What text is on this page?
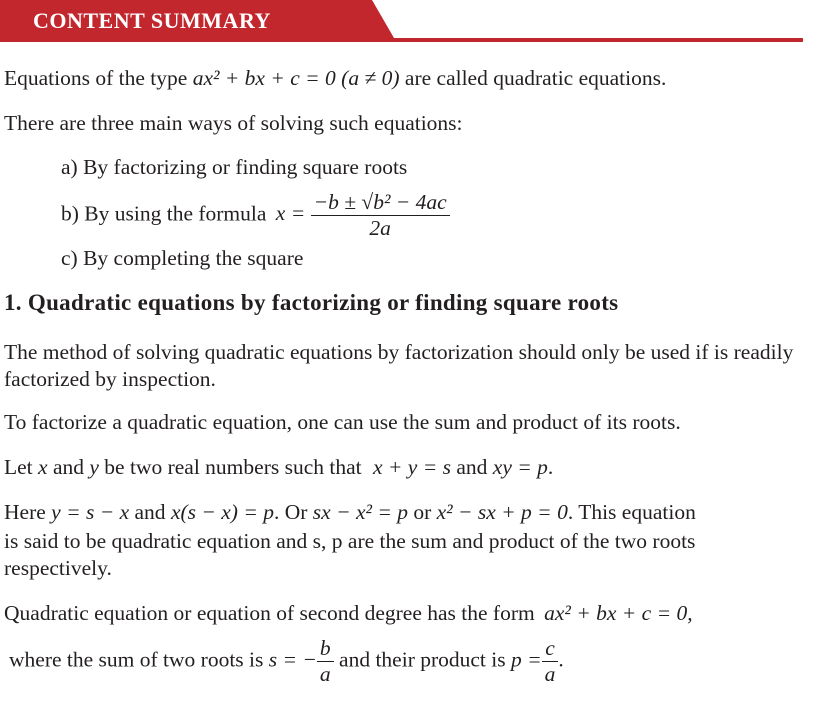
CONTENT SUMMARY
Equations of the type ax² + bx + c = 0 (a ≠ 0) are called quadratic equations.
There are three main ways of solving such equations:
a) By factorizing or finding square roots
b) By using the formula $x = \frac{\text{−b ± √b² − 4ac}}{2a}$
c) By completing the square
1. Quadratic equations by factorizing or finding square roots
The method of solving quadratic equations by factorization should only be used if is readily factorized by inspection.
To factorize a quadratic equation, one can use the sum and product of its roots.
Let x and y be two real numbers such that x + y = s and xy = p.
Here y = s − x and x(s − x) = p. Or sx − x² = p or x² − sx + p = 0. This equation
is said to be quadratic equation and s, p are the sum and product of the two roots respectively.
Quadratic equation or equation of second degree has the form ax² + bx + c = 0,
where the sum of two roots is s = − $\frac{b}{a}$ and their product is $p = \frac{c}{a}$ .
